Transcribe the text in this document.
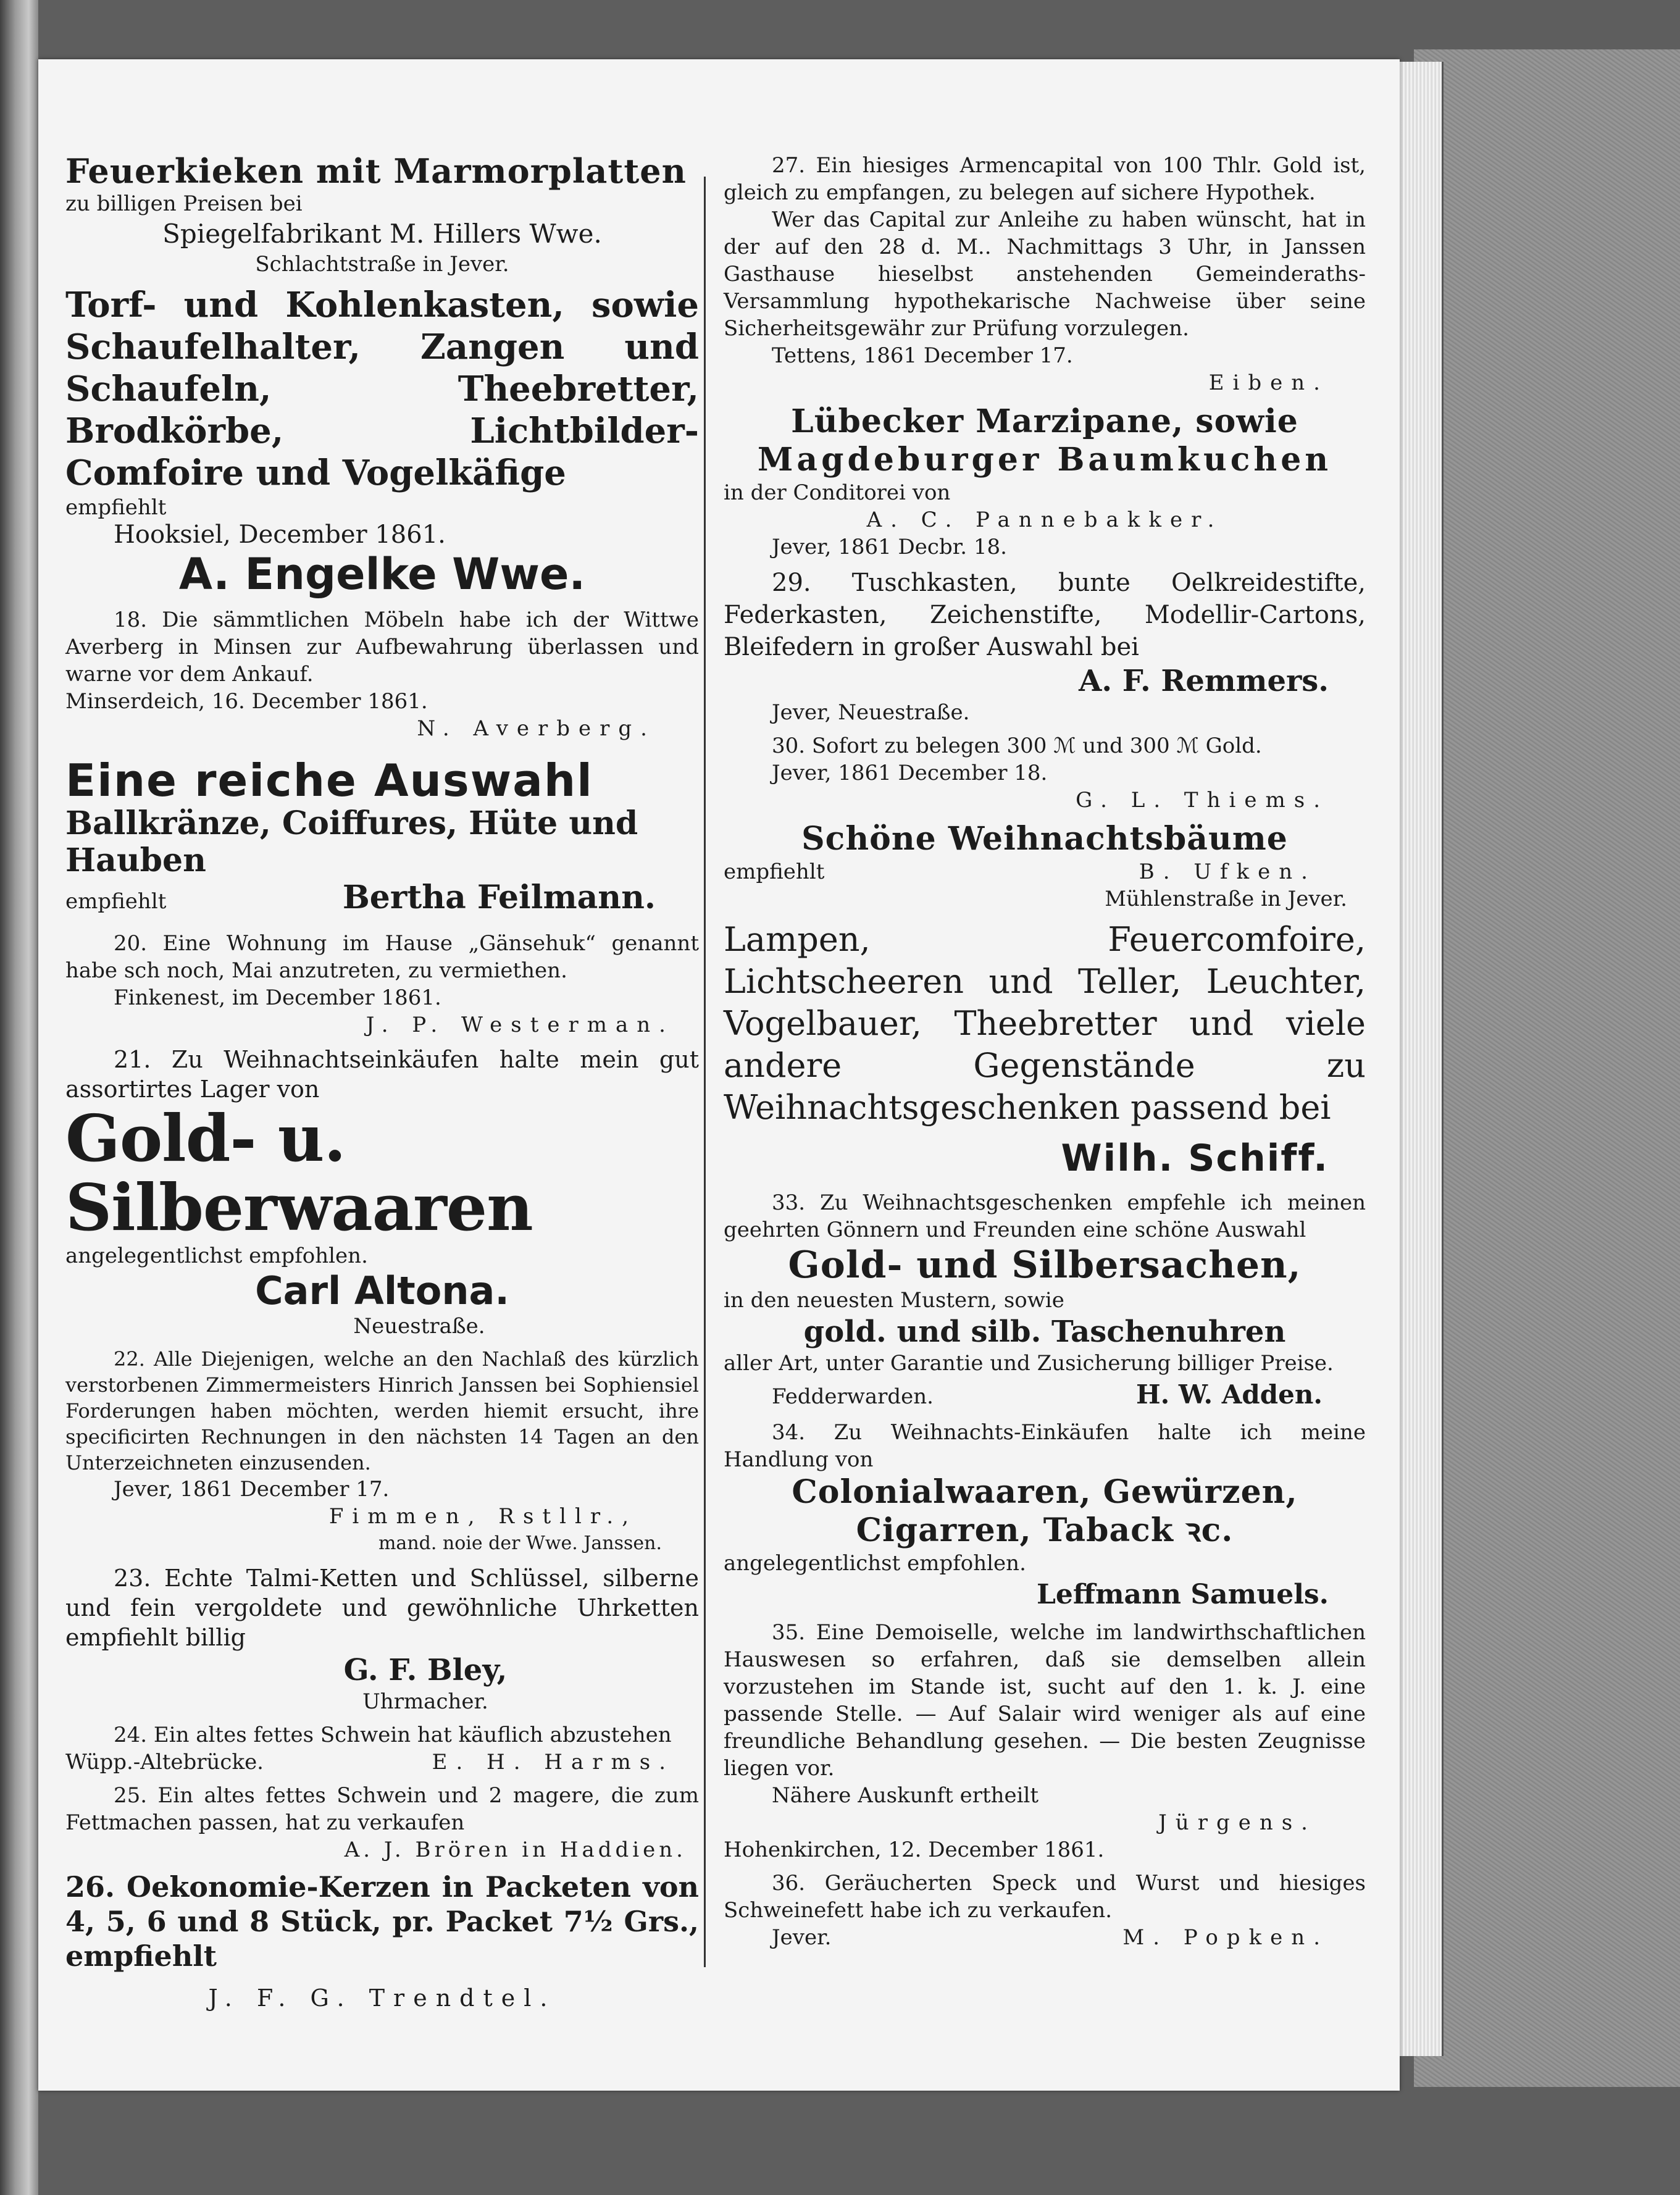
Feuerkieken mit Marmorplatten

zu billigen Preisen bei

Spiegelfabrikant M. Hillers Wwe.

Schlachtstraße in Jever.

Torf- und Kohlenkasten, sowie Schaufelhalter, Zangen und Schaufeln, Theebretter, Brodkörbe, Lichtbilder-Comfoire und Vogelkäfige

empfiehlt

Hooksiel, December 1861.

A. Engelke Wwe.

18. Die sämmtlichen Möbeln habe ich der Wittwe Averberg in Minsen zur Aufbewahrung überlassen und warne vor dem Ankauf.

Minserdeich, 16. December 1861.

N. Averberg.

Eine reiche Auswahl

Ballkränze, Coiffures, Hüte und Hauben

empfiehlt	Bertha Feilmann.

20. Eine Wohnung im Hause „Gänsehuk“ genannt habe sch noch, Mai anzutreten, zu vermiethen.

Finkenest, im December 1861.

J. P. Westerman.

21. Zu Weihnachtseinkäufen halte mein gut assortirtes Lager von

Gold- u. Silberwaaren

angelegentlichst empfohlen.

Carl Altona.

Neuestraße.

22. Alle Diejenigen, welche an den Nachlaß des kürzlich verstorbenen Zimmermeisters Hinrich Janssen bei Sophiensiel Forderungen haben möchten, werden hiemit ersucht, ihre specificirten Rechnungen in den nächsten 14 Tagen an den Unterzeichneten einzusenden.

Jever, 1861 December 17.

Fimmen, Rstllr.,

mand. noie der Wwe. Janssen.

23. Echte Talmi-Ketten und Schlüssel, silberne und fein vergoldete und gewöhnliche Uhrketten empfiehlt billig

G. F. Bley,

Uhrmacher.

24. Ein altes fettes Schwein hat käuflich abzustehen

Wüpp.-Altebrücke.	E. H. Harms.

25. Ein altes fettes Schwein und 2 magere, die zum Fettmachen passen, hat zu verkaufen

A. J. Brören in Haddien.

26. Oekonomie-Kerzen in Packeten von 4, 5, 6 und 8 Stück, pr. Packet 7½ Grs., empfiehlt

J. F. G. Trendtel.

27. Ein hiesiges Armencapital von 100 Thlr. Gold ist, gleich zu empfangen, zu belegen auf sichere Hypothek.

Wer das Capital zur Anleihe zu haben wünscht, hat in der auf den 28 d. M.. Nachmittags 3 Uhr, in Janssen Gasthause hieselbst anstehenden Gemeinderaths-Versammlung hypothekarische Nachweise über seine Sicherheitsgewähr zur Prüfung vorzulegen.

Tettens, 1861 December 17.

Eiben.

Lübecker Marzipane, sowie

Magdeburger Baumkuchen

in der Conditorei von

A. C. Pannebakker.

Jever, 1861 Decbr. 18.

29. Tuschkasten, bunte Oelkreidestifte, Federkasten, Zeichenstifte, Modellir-Cartons, Bleifedern in großer Auswahl bei

A. F. Remmers.

Jever, Neuestraße.

30. Sofort zu belegen 300 ℳ und 300 ℳ Gold.

Jever, 1861 December 18.

G. L. Thiems.

Schöne Weihnachtsbäume

empfiehlt	B. Ufken.

Mühlenstraße in Jever.

Lampen, Feuercomfoire, Lichtscheeren und Teller, Leuchter, Vogelbauer, Theebretter und viele andere Gegenstände zu Weihnachtsgeschenken passend bei

Wilh. Schiff.

33. Zu Weihnachtsgeschenken empfehle ich meinen geehrten Gönnern und Freunden eine schöne Auswahl

Gold- und Silbersachen,

in den neuesten Mustern, sowie

gold. und silb. Taschenuhren

aller Art, unter Garantie und Zusicherung billiger Preise.

Fedderwarden.	H. W. Adden.

34. Zu Weihnachts-Einkäufen halte ich meine Handlung von

Colonialwaaren, Gewürzen,

Cigarren, Taback ꝛc.

angelegentlichst empfohlen.

Leffmann Samuels.

35. Eine Demoiselle, welche im landwirthschaftlichen Hauswesen so erfahren, daß sie demselben allein vorzustehen im Stande ist, sucht auf den 1. k. J. eine passende Stelle. — Auf Salair wird weniger als auf eine freundliche Behandlung gesehen. — Die besten Zeugnisse liegen vor.

Nähere Auskunft ertheilt

Jürgens.

Hohenkirchen, 12. December 1861.

36. Geräucherten Speck und Wurst und hiesiges Schweinefett habe ich zu verkaufen.

Jever.	M. Popken.
